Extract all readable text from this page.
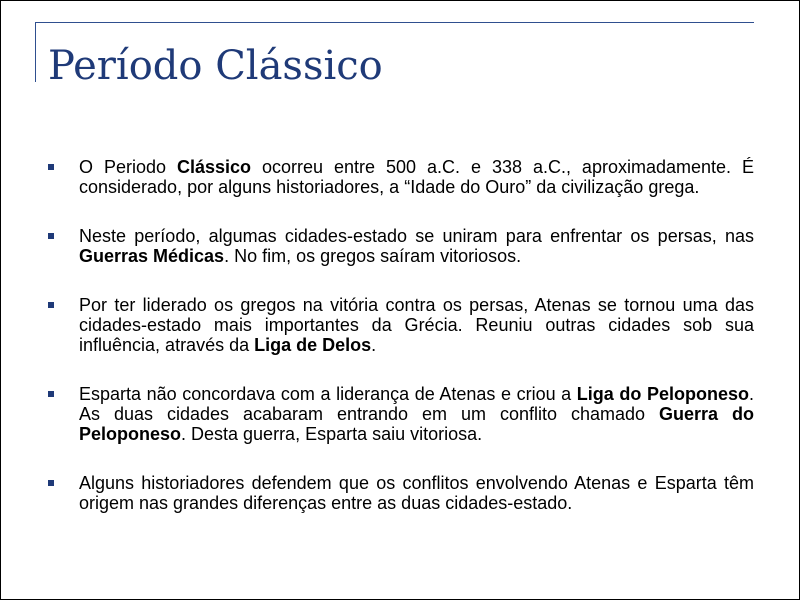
Período Clássico
O Periodo Clássico ocorreu entre 500 a.C. e 338 a.C., aproximadamente. É considerado, por alguns historiadores, a “Idade do Ouro” da civilização grega.
Neste período, algumas cidades-estado se uniram para enfrentar os persas, nas Guerras Médicas. No fim, os gregos saíram vitoriosos.
Por ter liderado os gregos na vitória contra os persas, Atenas se tornou uma das cidades-estado mais importantes da Grécia. Reuniu outras cidades sob sua influência, através da Liga de Delos.
Esparta não concordava com a liderança de Atenas e criou a Liga do Peloponeso. As duas cidades acabaram entrando em um conflito chamado Guerra do Peloponeso. Desta guerra, Esparta saiu vitoriosa.
Alguns historiadores defendem que os conflitos envolvendo Atenas e Esparta têm origem nas grandes diferenças entre as duas cidades-estado.
